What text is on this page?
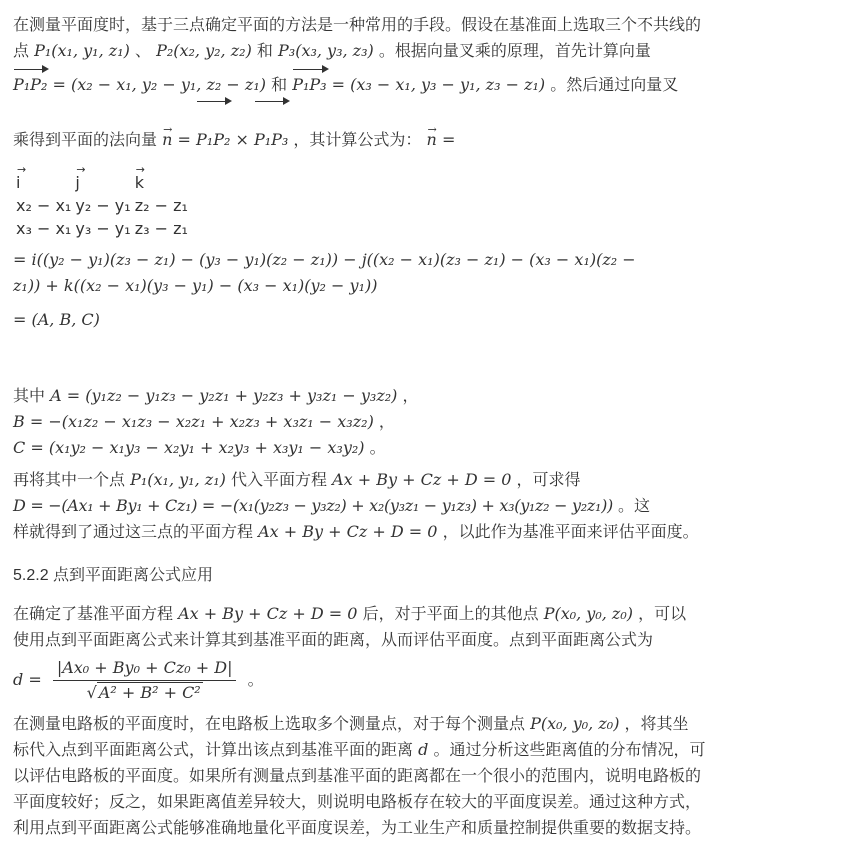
在测量平面度时，基于三点确定平面的方法是一种常用的手段。假设在基准面上选取三个不共线的
点 P₁(x₁, y₁, z₁) 、 P₂(x₂, y₂, z₂) 和 P₃(x₃, y₃, z₃) 。根据向量叉乘的原理，首先计算向量
P₁P₂ = (x₂ − x₁, y₂ − y₁, z₂ − z₁) 和 P₁P₃ = (x₃ − x₁, y₃ − y₁, z₃ − z₁) 。然后通过向量叉
乘得到平面的法向量 → n = P₁P₂ × P₁P₃ ，其计算公式为： → n =

→ i	→ j	→ k
x₂ − x₁	y₂ − y₁	z₂ − z₁
x₃ − x₁	y₃ − y₁	z₃ − z₁

= i((y₂ − y₁)(z₃ − z₁) − (y₃ − y₁)(z₂ − z₁)) − j((x₂ − x₁)(z₃ − z₁) − (x₃ − x₁)(z₂ −
z₁)) + k((x₂ − x₁)(y₃ − y₁) − (x₃ − x₁)(y₂ − y₁))
= (A, B, C)

其中 A = (y₁z₂ − y₁z₃ − y₂z₁ + y₂z₃ + y₃z₁ − y₃z₂) ，
B = −(x₁z₂ − x₁z₃ − x₂z₁ + x₂z₃ + x₃z₁ − x₃z₂) ，
C = (x₁y₂ − x₁y₃ − x₂y₁ + x₂y₃ + x₃y₁ − x₃y₂) 。

再将其中一个点 P₁(x₁, y₁, z₁) 代入平面方程 Ax + By + Cz + D = 0 ，可求得
D = −(Ax₁ + By₁ + Cz₁) = −(x₁(y₂z₃ − y₃z₂) + x₂(y₃z₁ − y₁z₃) + x₃(y₁z₂ − y₂z₁)) 。这
样就得到了通过这三点的平面方程 Ax + By + Cz + D = 0 ，以此作为基准平面来评估平面度。

5.2.2 点到平面距离公式应用

在确定了基准平面方程 Ax + By + Cz + D = 0 后，对于平面上的其他点 P(x₀, y₀, z₀) ，可以
使用点到平面距离公式来计算其到基准平面的距离，从而评估平面度。点到平面距离公式为
$d = \frac{\text{|Ax₀ + By₀ + Cz₀ + D|}}{\text{√ A² + B² + C²}}$ 。

在测量电路板的平面度时，在电路板上选取多个测量点，对于每个测量点 P(x₀, y₀, z₀) ，将其坐
标代入点到平面距离公式，计算出该点到基准平面的距离 d 。通过分析这些距离值的分布情况，可
以评估电路板的平面度。如果所有测量点到基准平面的距离都在一个很小的范围内，说明电路板的
平面度较好；反之，如果距离值差异较大，则说明电路板存在较大的平面度误差。通过这种方式，
利用点到平面距离公式能够准确地量化平面度误差，为工业生产和质量控制提供重要的数据支持。
